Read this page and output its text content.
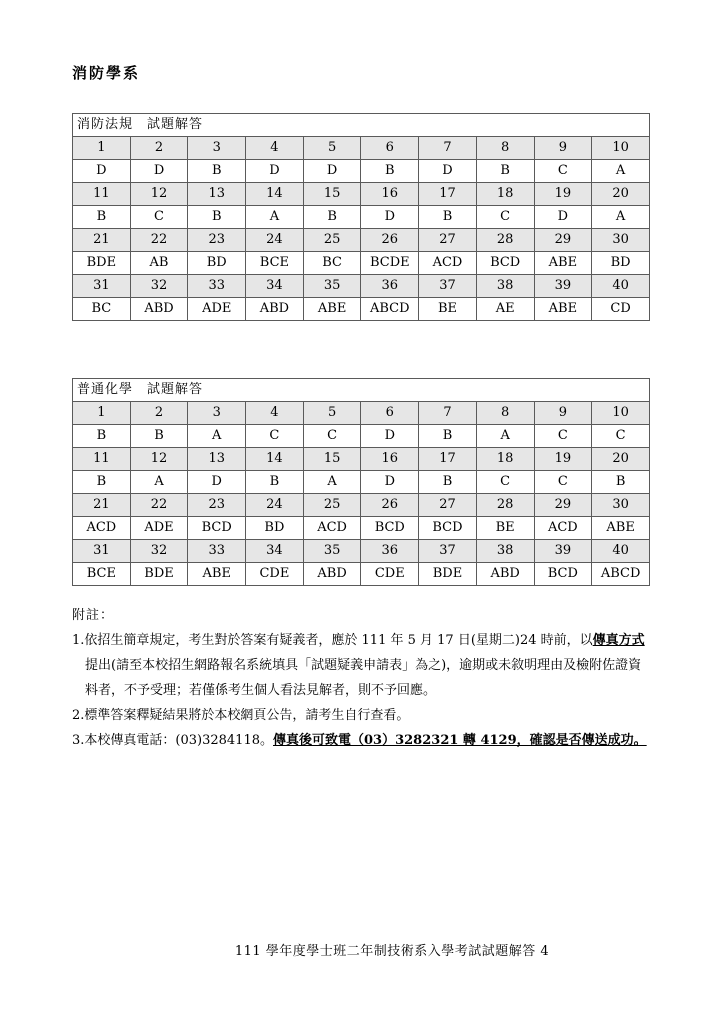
消防學系
消防法規　試題解答									
1	2	3	4	5	6	7	8	9	10
D	D	B	D	D	B	D	B	C	A
11	12	13	14	15	16	17	18	19	20
B	C	B	A	B	D	B	C	D	A
21	22	23	24	25	26	27	28	29	30
BDE	AB	BD	BCE	BC	BCDE	ACD	BCD	ABE	BD
31	32	33	34	35	36	37	38	39	40
BC	ABD	ADE	ABD	ABE	ABCD	BE	AE	ABE	CD
普通化學　試題解答									
1	2	3	4	5	6	7	8	9	10
B	B	A	C	C	D	B	A	C	C
11	12	13	14	15	16	17	18	19	20
B	A	D	B	A	D	B	C	C	B
21	22	23	24	25	26	27	28	29	30
ACD	ADE	BCD	BD	ACD	BCD	BCD	BE	ACD	ABE
31	32	33	34	35	36	37	38	39	40
BCE	BDE	ABE	CDE	ABD	CDE	BDE	ABD	BCD	ABCD
附註：
1.依招生簡章規定，考生對於答案有疑義者，應於 111 年 5 月 17 日(星期二)24 時前，以傳真方式提出(請至本校招生網路報名系統填具「試題疑義申請表」為之)，逾期或未敘明理由及檢附佐證資料者，不予受理；若僅係考生個人看法見解者，則不予回應。
2.標準答案釋疑結果將於本校網頁公告，請考生自行查看。
3.本校傳真電話：(03)3284118。傳真後可致電（03）3282321 轉 4129，確認是否傳送成功。
111 學年度學士班二年制技術系入學考試試題解答 4
